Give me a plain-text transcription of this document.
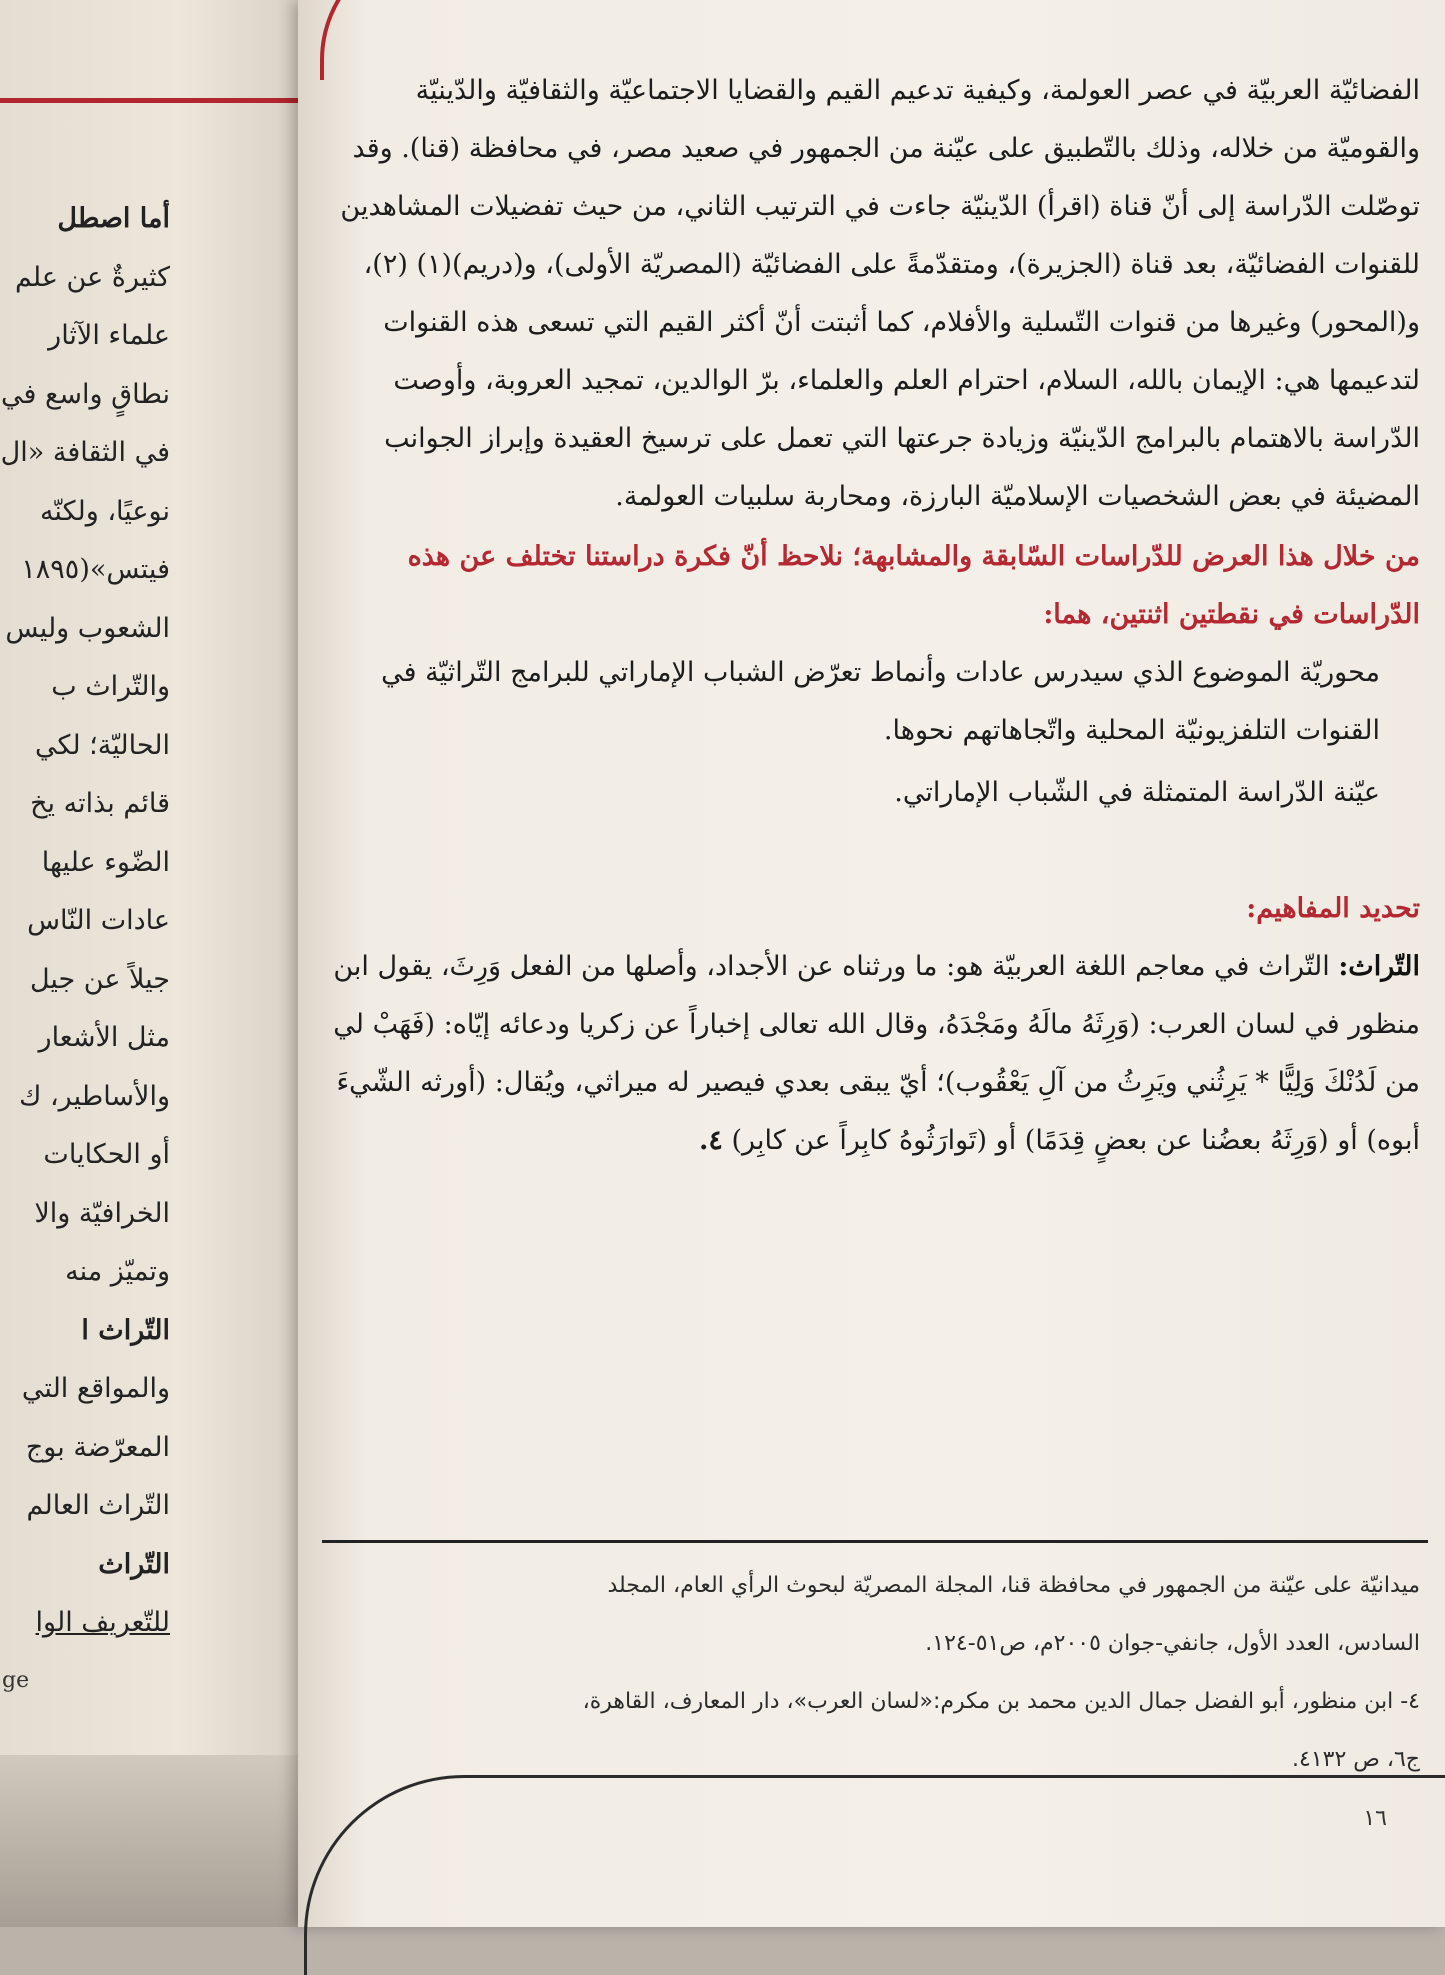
أما اصطل
كثيرةٌ عن علم
علماء الآثار
نطاقٍ واسع في
في الثقافة «ال
نوعيًا، ولكنّه
فيتس»(١٨٩٥
الشعوب وليس
والتّراث ب
الحاليّة؛ لكي
قائم بذاته يخ
الضّوء عليها
عادات النّاس
جيلاً عن جيل
مثل الأشعار
والأساطير، ك
أو الحكايات
الخرافيّة والا
وتميّز منه
التّراث ا
والمواقع التي
المعرّضة بوج
التّراث العالم
التّراث
للتّعريف الوا
ge

الفضائيّة العربيّة في عصر العولمة، وكيفية تدعيم القيم والقضايا الاجتماعيّة والثقافيّة والدّينيّة والقوميّة من خلاله، وذلك بالتّطبيق على عيّنة من الجمهور في صعيد مصر، في محافظة (قنا). وقد توصّلت الدّراسة إلى أنّ قناة (اقرأ) الدّينيّة جاءت في الترتيب الثاني، من حيث تفضيلات المشاهدين للقنوات الفضائيّة، بعد قناة (الجزيرة)، ومتقدّمةً على الفضائيّة (المصريّة الأولى)، و(دريم)(١) (٢)، و(المحور) وغيرها من قنوات التّسلية والأفلام، كما أثبتت أنّ أكثر القيم التي تسعى هذه القنوات لتدعيمها هي: الإيمان بالله، السلام، احترام العلم والعلماء، برّ الوالدين، تمجيد العروبة، وأوصت الدّراسة بالاهتمام بالبرامج الدّينيّة وزيادة جرعتها التي تعمل على ترسيخ العقيدة وإبراز الجوانب المضيئة في بعض الشخصيات الإسلاميّة البارزة، ومحاربة سلبيات العولمة.

من خلال هذا العرض للدّراسات السّابقة والمشابهة؛ نلاحظ أنّ فكرة دراستنا تختلف عن هذه الدّراسات في نقطتين اثنتين، هما:

محوريّة الموضوع الذي سيدرس عادات وأنماط تعرّض الشباب الإماراتي للبرامج التّراثيّة في القنوات التلفزيونيّة المحلية واتّجاهاتهم نحوها.

عيّنة الدّراسة المتمثلة في الشّباب الإماراتي.

تحديد المفاهيم:

التّراث: التّراث في معاجم اللغة العربيّة هو: ما ورثناه عن الأجداد، وأصلها من الفعل وَرِثَ، يقول ابن منظور في لسان العرب: (وَرِثَهُ مالَهُ ومَجْدَهُ، وقال الله تعالى إخباراً عن زكريا ودعائه إيّاه: (فَهَبْ لي من لَدُنْكَ وَلِيًّا * يَرِثُني ويَرِثُ من آلِ يَعْقُوب)؛ أيّ يبقى بعدي فيصير له ميراثي، ويُقال: (أورثه الشّيءَ أبوه) أو (وَرِثَهُ بعضُنا عن بعضٍ قِدَمًا) أو (تَوارَثُوهُ كابِراً عن كابِر) ٤.

ميدانيّة على عيّنة من الجمهور في محافظة قنا، المجلة المصريّة لبحوث الرأي العام، المجلد

السادس، العدد الأول، جانفي-جوان ٢٠٠٥م، ص٥١-١٢٤.

٤- ابن منظور، أبو الفضل جمال الدين محمد بن مكرم:«لسان العرب»، دار المعارف، القاهرة،

ج٦، ص ٤١٣٢.

١٦
